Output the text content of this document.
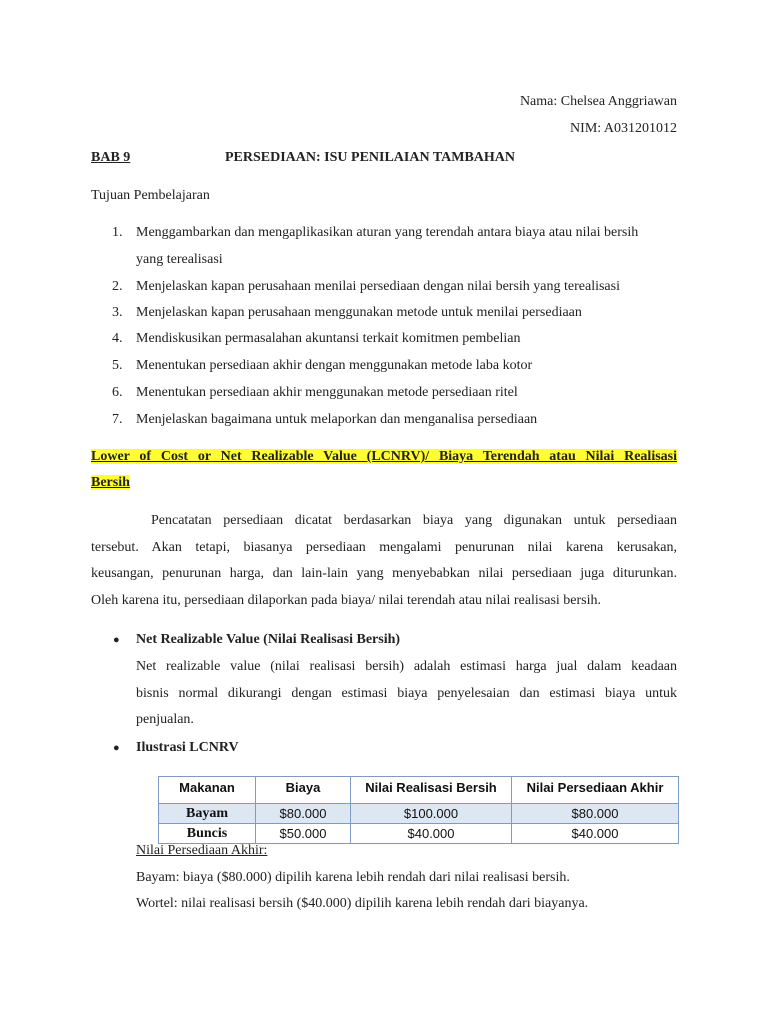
Nama: Chelsea Anggriawan
NIM: A031201012
BAB 9	PERSEDIAAN: ISU PENILAIAN TAMBAHAN
Tujuan Pembelajaran
1. Menggambarkan dan mengaplikasikan aturan yang terendah antara biaya atau nilai bersih
yang terealisasi
2. Menjelaskan kapan perusahaan menilai persediaan dengan nilai bersih yang terealisasi
3. Menjelaskan kapan perusahaan menggunakan metode untuk menilai persediaan
4. Mendiskusikan permasalahan akuntansi terkait komitmen pembelian
5. Menentukan persediaan akhir dengan menggunakan metode laba kotor
6. Menentukan persediaan akhir menggunakan metode persediaan ritel
7. Menjelaskan bagaimana untuk melaporkan dan menganalisa persediaan
Lower of Cost or Net Realizable Value (LCNRV)/ Biaya Terendah atau Nilai Realisasi
Bersih
Pencatatan persediaan dicatat berdasarkan biaya yang digunakan untuk persediaan
tersebut. Akan tetapi, biasanya persediaan mengalami penurunan nilai karena kerusakan,
keusangan, penurunan harga, dan lain-lain yang menyebabkan nilai persediaan juga diturunkan.
Oleh karena itu, persediaan dilaporkan pada biaya/ nilai terendah atau nilai realisasi bersih.
● Net Realizable Value (Nilai Realisasi Bersih)
Net realizable value (nilai realisasi bersih) adalah estimasi harga jual dalam keadaan
bisnis normal dikurangi dengan estimasi biaya penyelesaian dan estimasi biaya untuk
penjualan.
● Ilustrasi LCNRV
Makanan	Biaya	Nilai Realisasi Bersih	Nilai Persediaan Akhir
Bayam	$80.000	$100.000	$80.000
Buncis	$50.000	$40.000	$40.000
Nilai Persediaan Akhir:
Bayam: biaya ($80.000) dipilih karena lebih rendah dari nilai realisasi bersih.
Wortel: nilai realisasi bersih ($40.000) dipilih karena lebih rendah dari biayanya.
